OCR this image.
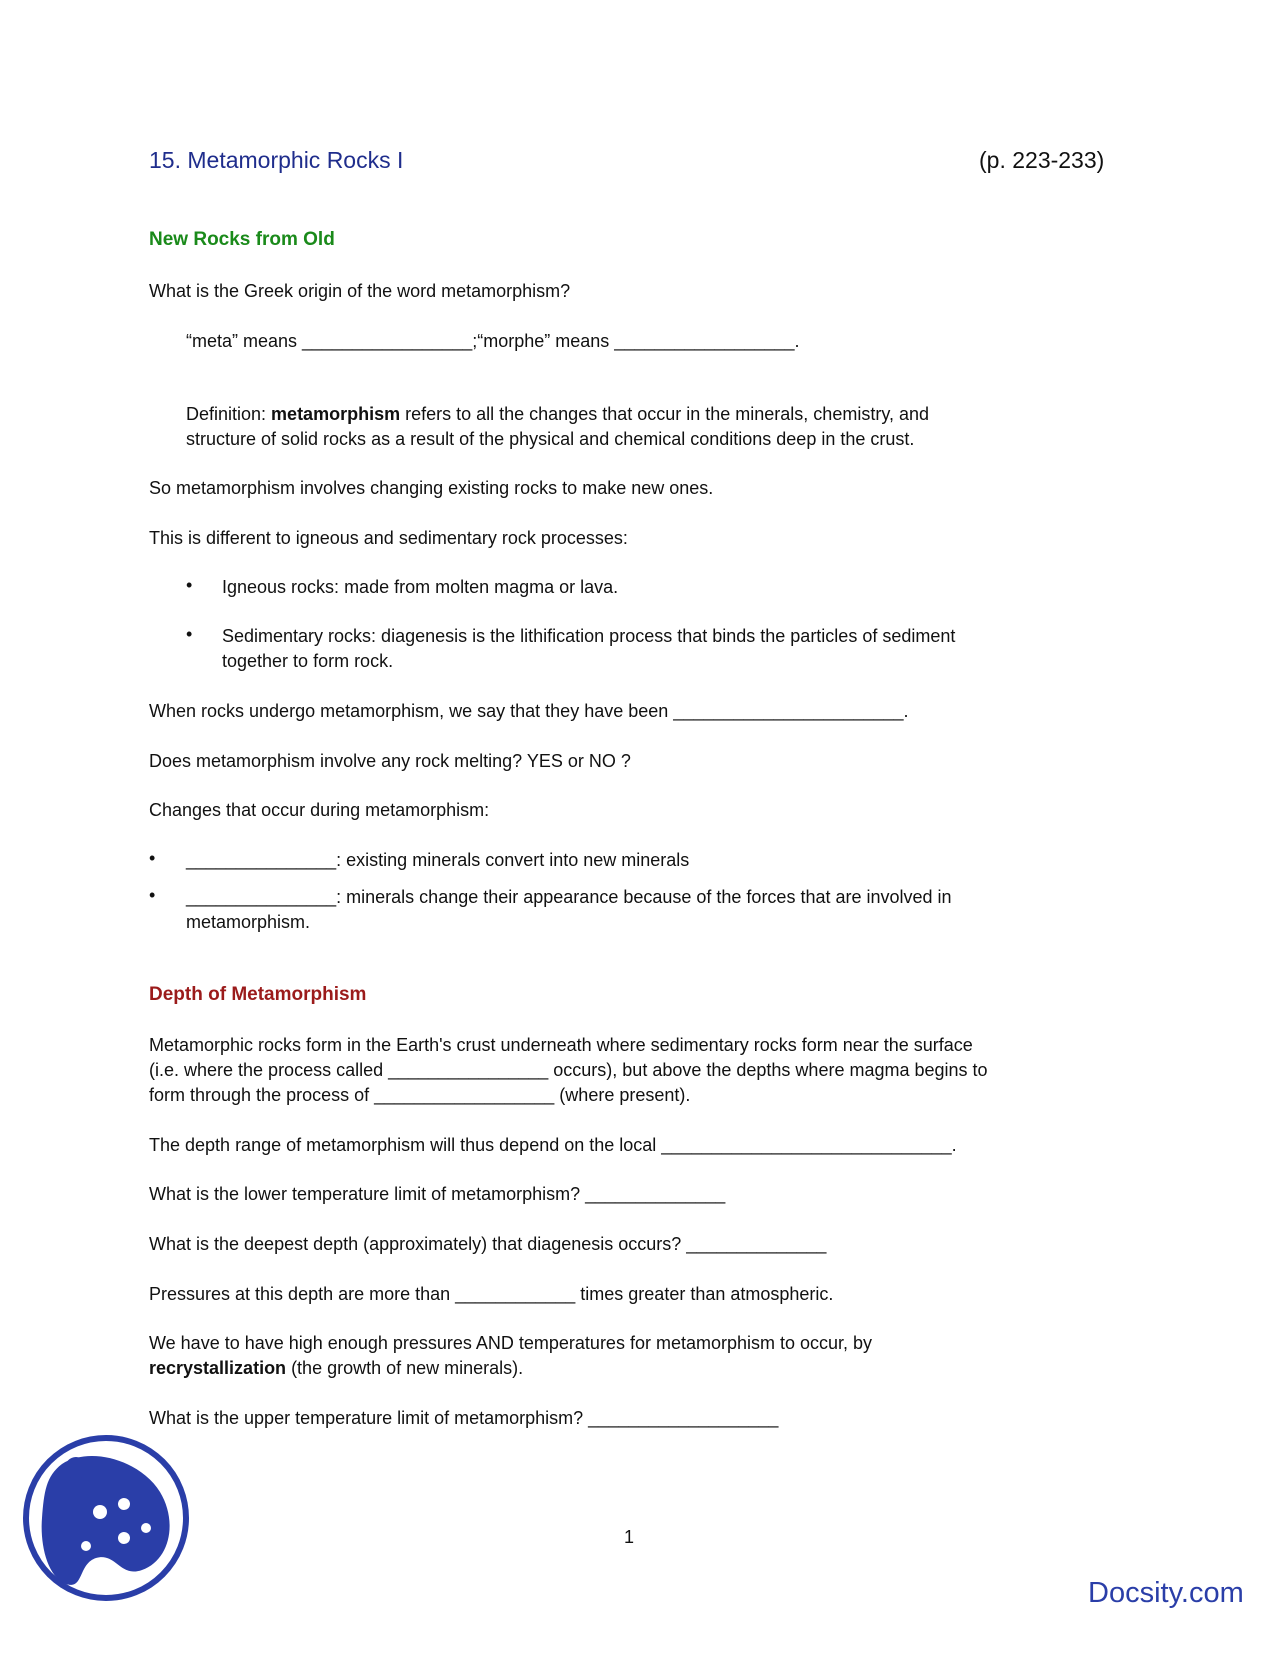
15. Metamorphic Rocks I	(p. 223-233)
New Rocks from Old
What is the Greek origin of the word metamorphism?
“meta” means _________________;“morphe” means __________________.
Definition: metamorphism refers to all the changes that occur in the minerals, chemistry, and
structure of solid rocks as a result of the physical and chemical conditions deep in the crust.
So metamorphism involves changing existing rocks to make new ones.
This is different to igneous and sedimentary rock processes:
• Igneous rocks: made from molten magma or lava.
• Sedimentary rocks: diagenesis is the lithification process that binds the particles of sediment
together to form rock.
When rocks undergo metamorphism, we say that they have been _______________________.
Does metamorphism involve any rock melting? YES or NO ?
Changes that occur during metamorphism:
• _______________: existing minerals convert into new minerals
• _______________: minerals change their appearance because of the forces that are involved in
metamorphism.
Depth of Metamorphism
Metamorphic rocks form in the Earth's crust underneath where sedimentary rocks form near the surface
(i.e. where the process called ________________ occurs), but above the depths where magma begins to
form through the process of __________________ (where present).
The depth range of metamorphism will thus depend on the local _____________________________.
What is the lower temperature limit of metamorphism? ______________
What is the deepest depth (approximately) that diagenesis occurs? ______________
Pressures at this depth are more than ____________ times greater than atmospheric.
We have to have high enough pressures AND temperatures for metamorphism to occur, by
recrystallization (the growth of new minerals).
What is the upper temperature limit of metamorphism? ___________________
1
Docsity.com
